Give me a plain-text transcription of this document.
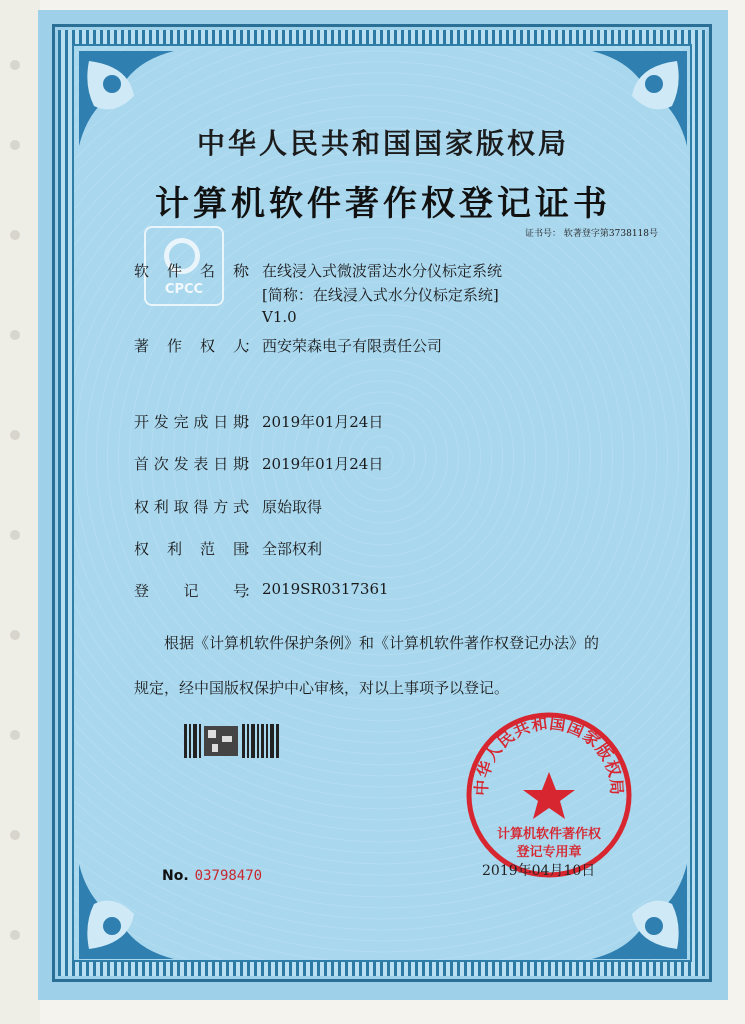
中华人民共和国国家版权局
计算机软件著作权登记证书
证书号： 软著登字第3738118号
CPCC
软 件 名 称
： 在线浸入式微波雷达水分仪标定系统
[简称：在线浸入式水分仪标定系统]
V1.0
著 作 权 人
： 西安荣森电子有限责任公司
开 发 完 成 日 期
： 2019年01月24日
首 次 发 表 日 期
： 2019年01月24日
权 利 取 得 方 式
： 原始取得
权 利 范 围
： 全部权利
登 记 号
： 2019SR0317361
根据《计算机软件保护条例》和《计算机软件著作权登记办法》的
规定，经中国版权保护中心审核，对以上事项予以登记。
No. 03798470
中华人民共和国国家版权局
计算机软件著作权
登记专用章
2019年04月10日
